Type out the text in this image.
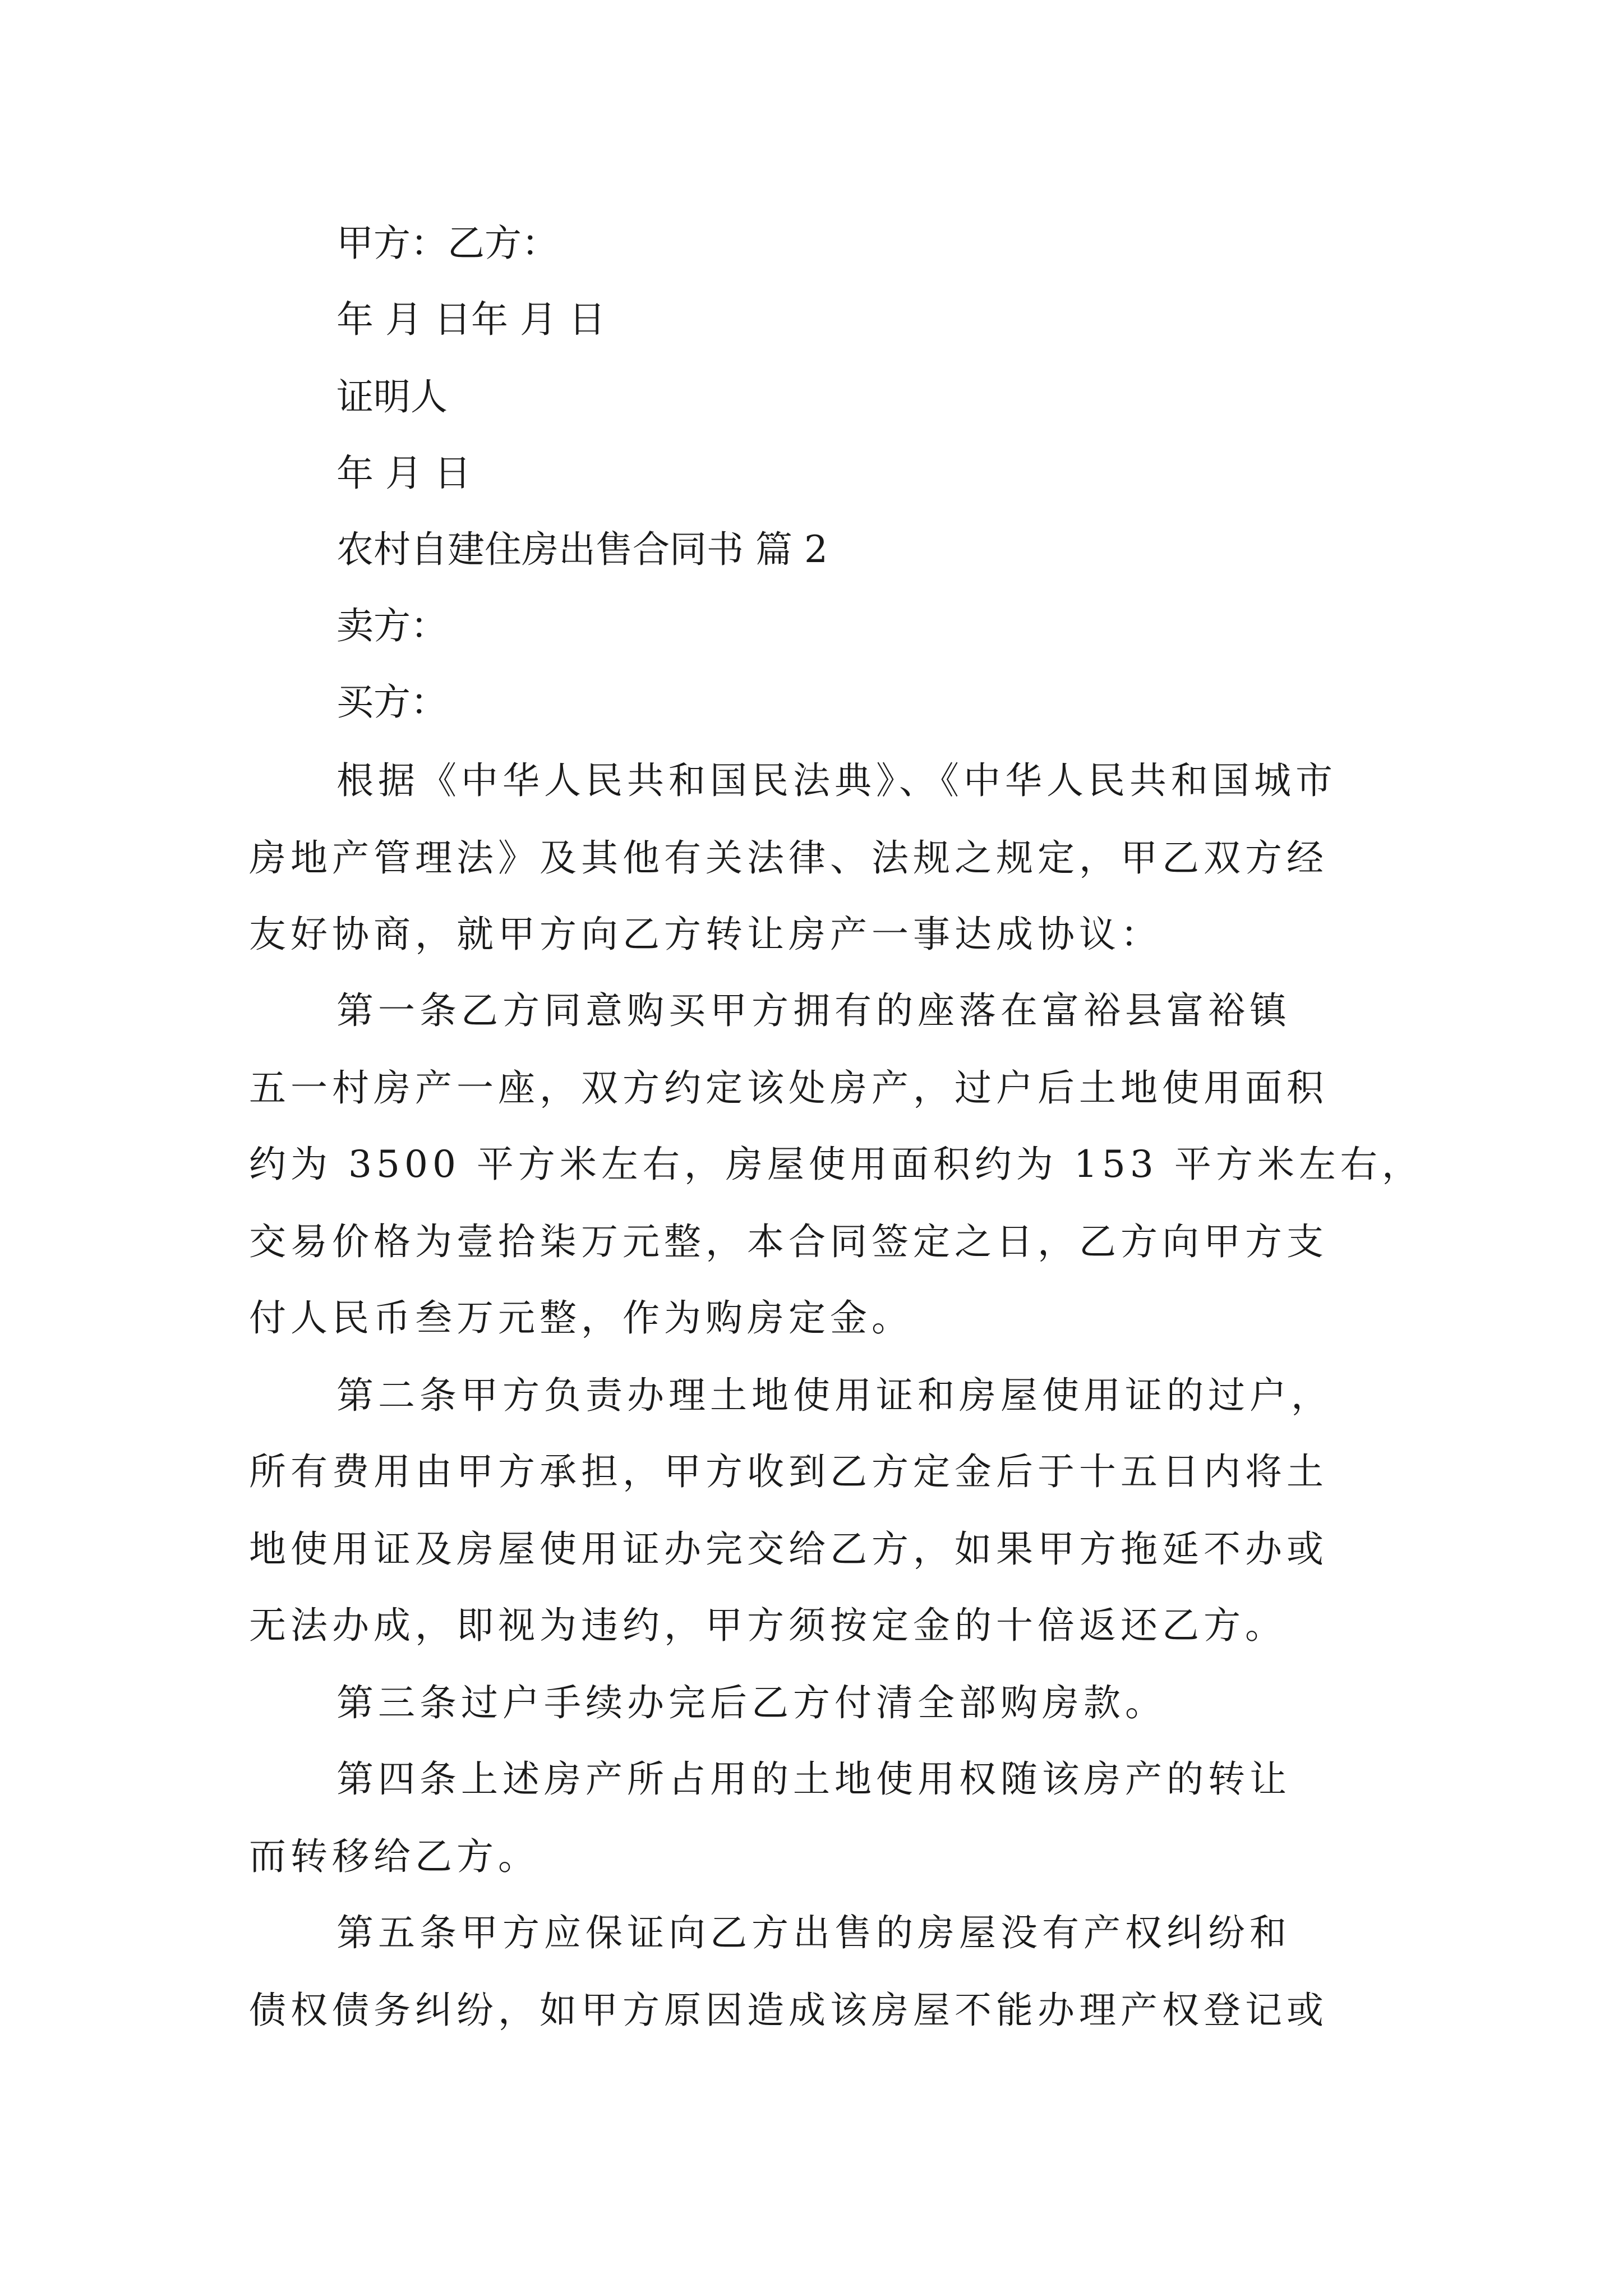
甲方：乙方：

年 月 日年 月 日

证明人

年 月 日

农村自建住房出售合同书 篇 2

卖方：

买方：

根据《中华人民共和国民法典》、《中华人民共和国城市

房地产管理法》及其他有关法律、法规之规定，甲乙双方经

友好协商，就甲方向乙方转让房产一事达成协议：

第一条乙方同意购买甲方拥有的座落在富裕县富裕镇

五一村房产一座，双方约定该处房产，过户后土地使用面积

约为 3500 平方米左右，房屋使用面积约为 153 平方米左右，

交易价格为壹拾柒万元整，本合同签定之日，乙方向甲方支

付人民币叁万元整，作为购房定金。

第二条甲方负责办理土地使用证和房屋使用证的过户，

所有费用由甲方承担，甲方收到乙方定金后于十五日内将土

地使用证及房屋使用证办完交给乙方，如果甲方拖延不办或

无法办成，即视为违约，甲方须按定金的十倍返还乙方。

第三条过户手续办完后乙方付清全部购房款。

第四条上述房产所占用的土地使用权随该房产的转让

而转移给乙方。

第五条甲方应保证向乙方出售的房屋没有产权纠纷和

债权债务纠纷，如甲方原因造成该房屋不能办理产权登记或
